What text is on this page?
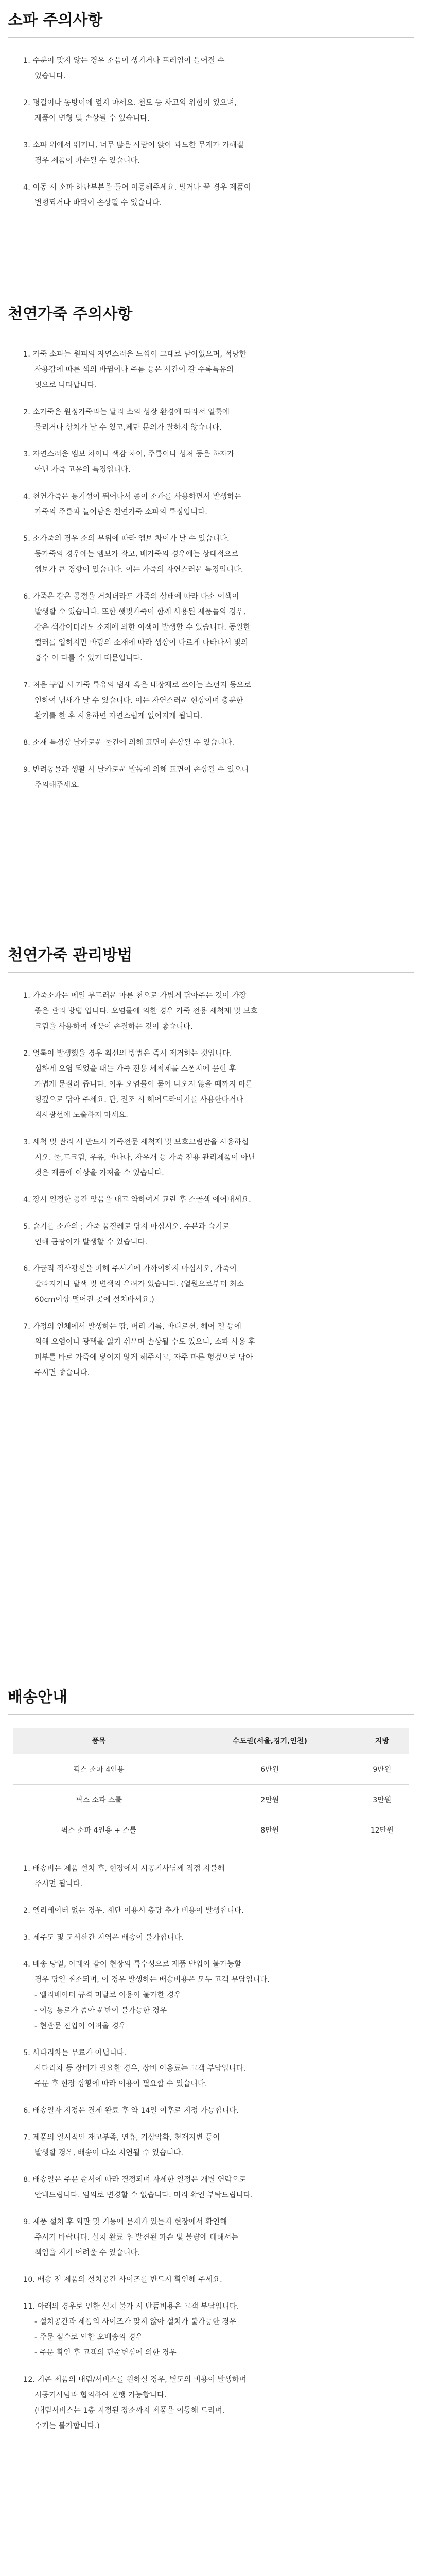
소파 주의사항
1. 수분이 맞지 않는 경우 소음이 생기거나 프레임이 틀어질 수
있습니다.
2. 평길이나 동방이에 엎지 마세요. 천도 등 사고의 위험이 있으며,
제품이 변형 및 손상될 수 있습니다.
3. 소파 위에서 뛰거나, 너무 많은 사람이 앉아 과도한 무게가 가해질
경우 제품이 파손될 수 있습니다.
4. 이동 시 소파 하단부분을 들어 이동해주세요. 밀거나 끌 경우 제품이
변형되거나 바닥이 손상될 수 있습니다.
천연가죽 주의사항
1. 가죽 소파는 원피의 자연스러운 느낌이 그대로 남아있으며, 적당한
사용감에 따른 색의 바뀜이나 주름 등은 시간이 갈 수록특유의
멋으로 나타납니다.
2. 소가죽은 원정가죽과는 달리 소의 성장 환경에 따라서 얼룩에
물리거나 상처가 날 수 있고,페탄 문의가 잘하지 않습니다.
3. 자연스러운 엠보 차이나 색감 차이, 주름이나 성처 등은 하자가
아닌 가죽 고유의 특징입니다.
4. 천연가죽은 통기성이 뛰어나서 종이 소파를 사용하면서 발생하는
가죽의 주름과 늘어남은 천연가죽 소파의 특징입니다.
5. 소가죽의 경우 소의 부위에 따라 엠보 차이가 날 수 있습니다.
등가죽의 경우에는 엠보가 작고, 배가죽의 경우에는 상대적으로
엠보가 큰 경향이 있습니다. 이는 가죽의 자연스러운 특징입니다.
6. 가죽은 같은 공정을 거치더라도 가죽의 상태에 따라 다소 이색이
발생할 수 있습니다. 또한 햇빛가죽이 함께 사용된 제품들의 경우,
같은 색감이더라도 소재에 의한 이색이 발생할 수 있습니다. 동일한
컬러를 입히지만 바탕의 소재에 따라 생상이 다르게 나타나서 빛의
흡수 이 다를 수 있기 때문입니다.
7. 처음 구입 시 가죽 특유의 냄새 혹은 내장재로 쓰이는 스펀지 등으로
인하여 냄새가 날 수 있습니다. 이는 자연스러운 현상이며 충분한
환기를 한 후 사용하면 자연스럽게 없어지게 됩니다.
8. 소재 특성상 날카로운 물건에 의해 표면이 손상될 수 있습니다.
9. 반려동물과 생활 시 날카로운 발톱에 의해 표면이 손상될 수 있으니
주의해주세요.
천연가죽 관리방법
1. 가죽소파는 메일 부드러운 마른 천으로 가볍게 닦아주는 것이 가장
좋은 관리 방법 입니다. 오염물에 의한 경우 가죽 전용 세척제 및 보호
크림을 사용하여 깨끗이 손질하는 것이 좋습니다.
2. 얼룩이 발생했을 경우 최선의 방법은 즉시 제거하는 것입니다.
심하게 오염 되었을 때는 가죽 전용 세척제를 스폰지에 묻힌 후
가볍게 문질러 줍니다. 이후 오염물이 묻어 나오지 않을 때까지 마른
헝겊으로 닦아 주세요. 단, 전조 시 헤어드라이기를 사용한다거나
직사광선에 노출하지 마세요.
3. 세척 및 관리 시 반드시 가죽전문 세척제 및 보호크림만을 사용하십
시오. 물,드크림, 우유, 바나나, 자우개 등 가죽 전용 관리제품이 아닌
것은 제품에 이상을 가져올 수 있습니다.
4. 장시 일정한 공간 앉음을 대고 약하여게 교란 후 스골색 에어내세요.
5. 습기를 소파의 ; 가죽 품질레로 닦지 마십시오. 수분과 습기로
인해 곰팡이가 발생할 수 있습니다.
6. 가급적 직사광선을 피해 주시기에 가까이하지 마십시오, 가죽이
갈라지거나 탈색 및 변색의 우려가 있습니다. (열원으로부터 최소
60cm이상 떨어진 곳에 설치바세요.)
7. 가정의 인체에서 발생하는 땀, 머리 기름, 바디로션, 헤어 젤 등에
의해 오염이나 광택을 잃기 쉬우며 손상될 수도 있으니, 소파 사용 후
피부를 바로 가죽에 닿이지 않게 해주시고, 자주 마른 헝겊으로 닦아
주시면 좋습니다.
배송안내
품목	수도권(서울,경기,인천)	지방
픽스 소파 4인용	6만원	9만원
픽스 소파 스툴	2만원	3만원
픽스 소파 4인용 + 스툴	8만원	12만원
1. 배송비는 제품 설치 후, 현장에서 시공기사님께 직접 지불해
주시면 됩니다.
2. 엘리베이터 없는 경우, 계단 이용시 층당 추가 비용이 발생합니다.
3. 제주도 및 도서산간 지역은 배송이 불가합니다.
4. 배송 당일, 아래와 같이 현장의 특수성으로 제품 반입이 불가능할
경우 당일 취소되며, 이 경우 발생하는 배송비용은 모두 고객 부담입니다.
- 엘리베이터 규격 미달로 이용이 불가한 경우
- 이동 통로가 좁아 운반이 불가능한 경우
- 현관문 진입이 어려울 경우
5. 사다리차는 무료가 아닙니다.
사다리차 등 장비가 필요한 경우, 장비 이용료는 고객 부담입니다.
주문 후 현장 상황에 따라 이용이 필요할 수 있습니다.
6. 배송일자 지정은 결제 완료 후 약 14일 이후로 지정 가능합니다.
7. 제품의 일시적인 재고부족, 연휴, 기상악화, 천재지변 등이
발생할 경우, 배송이 다소 지연될 수 있습니다.
8. 배송일은 주문 순서에 따라 결정되며 자세한 일정은 개별 연락으로
안내드립니다. 임의로 변경할 수 없습니다. 미리 확인 부탁드립니다.
9. 제품 설치 후 외관 및 기능에 문제가 있는지 현장에서 확인해
주시기 바랍니다. 설치 완료 후 발견된 파손 및 불량에 대해서는
책임을 지기 어려울 수 있습니다.
10. 배송 전 제품의 설치공간 사이즈를 반드시 확인해 주세요.
11. 아래의 경우로 인한 설치 불가 시 반품비용은 고객 부담입니다.
- 설치공간과 제품의 사이즈가 맞지 않아 설치가 불가능한 경우
- 주문 실수로 인한 오배송의 경우
- 주문 확인 후 고객의 단순변심에 의한 경우
12. 기존 제품의 내림/서비스를 원하실 경우, 별도의 비용이 발생하며
시공기사님과 협의하여 진행 가능합니다.
(내림서비스는 1층 지정된 장소까지 제품을 이동해 드리며,
수거는 불가합니다.)
